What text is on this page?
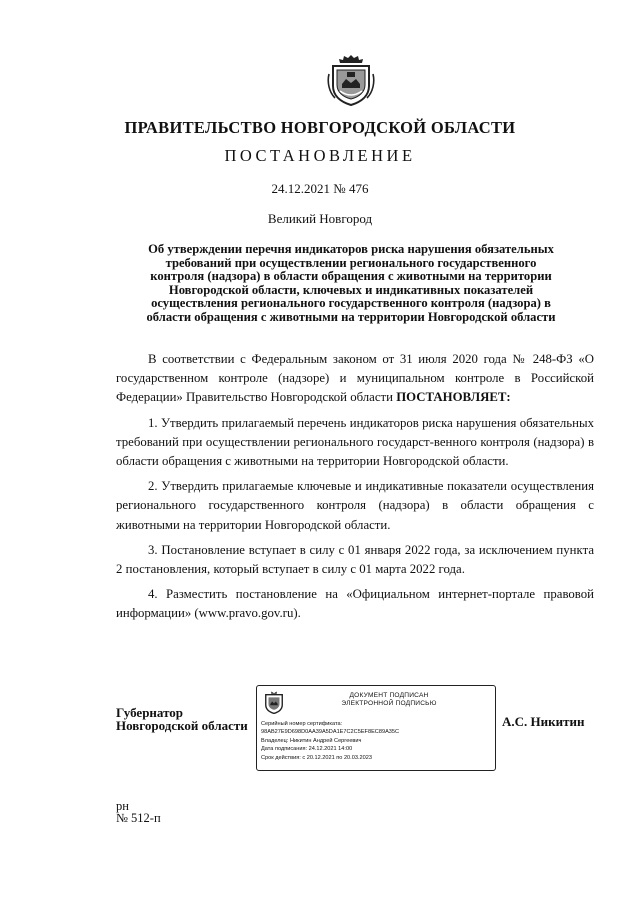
ПРАВИТЕЛЬСТВО НОВГОРОДСКОЙ ОБЛАСТИ
ПОСТАНОВЛЕНИЕ
24.12.2021 № 476
Великий Новгород
Об утверждении перечня индикаторов риска нарушения обязательных
требований при осуществлении регионального государственного
контроля (надзора) в области обращения с животными на территории
Новгородской области, ключевых и индикативных показателей
осуществления регионального государственного контроля (надзора) в
области обращения с животными на территории Новгородской области

В соответствии с Федеральным законом от 31 июля 2020 года № 248-ФЗ «О государственном контроле (надзоре) и муниципальном контроле в Российской Федерации» Правительство Новгородской области ПОСТАНОВЛЯЕТ:

1. Утвердить прилагаемый перечень индикаторов риска нарушения обязательных требований при осуществлении регионального государст-венного контроля (надзора) в области обращения с животными на территории Новгородской области.

2. Утвердить прилагаемые ключевые и индикативные показатели осуществления регионального государственного контроля (надзора) в области обращения с животными на территории Новгородской области.

3. Постановление вступает в силу с 01 января 2022 года, за исключением пункта 2 постановления, который вступает в силу с 01 марта 2022 года.

4. Разместить постановление на «Официальном интернет-портале правовой информации» (www.pravo.gov.ru).

Губернатор
Новгородской области
ДОКУМЕНТ ПОДПИСАН
ЭЛЕКТРОННОЙ ПОДПИСЬЮ
Серийный номер сертификата:
98AB27E9D698D0AA39A5DA1E7C2C5EF8EC89A35C
Владелец: Никитин Андрей Сергеевич
Дата подписания: 24.12.2021 14:00
Срок действия: с 20.12.2021 по 20.03.2023
А.С. Никитин
рн
№ 512-п
